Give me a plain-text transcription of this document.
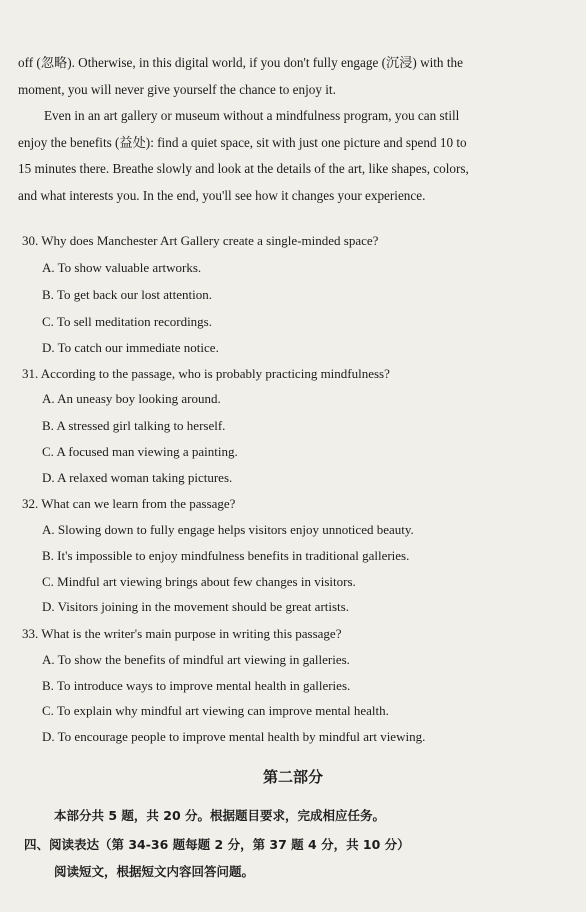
off (忽略). Otherwise, in this digital world, if you don't fully engage (沉浸) with the
moment, you will never give yourself the chance to enjoy it.
Even in an art gallery or museum without a mindfulness program, you can still
enjoy the benefits (益处): find a quiet space, sit with just one picture and spend 10 to
15 minutes there. Breathe slowly and look at the details of the art, like shapes, colors,
and what interests you. In the end, you'll see how it changes your experience.
30. Why does Manchester Art Gallery create a single-minded space?
A. To show valuable artworks.
B. To get back our lost attention.
C. To sell meditation recordings.
D. To catch our immediate notice.
31. According to the passage, who is probably practicing mindfulness?
A. An uneasy boy looking around.
B. A stressed girl talking to herself.
C. A focused man viewing a painting.
D. A relaxed woman taking pictures.
32. What can we learn from the passage?
A. Slowing down to fully engage helps visitors enjoy unnoticed beauty.
B. It's impossible to enjoy mindfulness benefits in traditional galleries.
C. Mindful art viewing brings about few changes in visitors.
D. Visitors joining in the movement should be great artists.
33. What is the writer's main purpose in writing this passage?
A. To show the benefits of mindful art viewing in galleries.
B. To introduce ways to improve mental health in galleries.
C. To explain why mindful art viewing can improve mental health.
D. To encourage people to improve mental health by mindful art viewing.
第二部分
本部分共 5 题，共 20 分。根据题目要求，完成相应任务。
四、阅读表达（第 34-36 题每题 2 分，第 37 题 4 分，共 10 分）
阅读短文，根据短文内容回答问题。
